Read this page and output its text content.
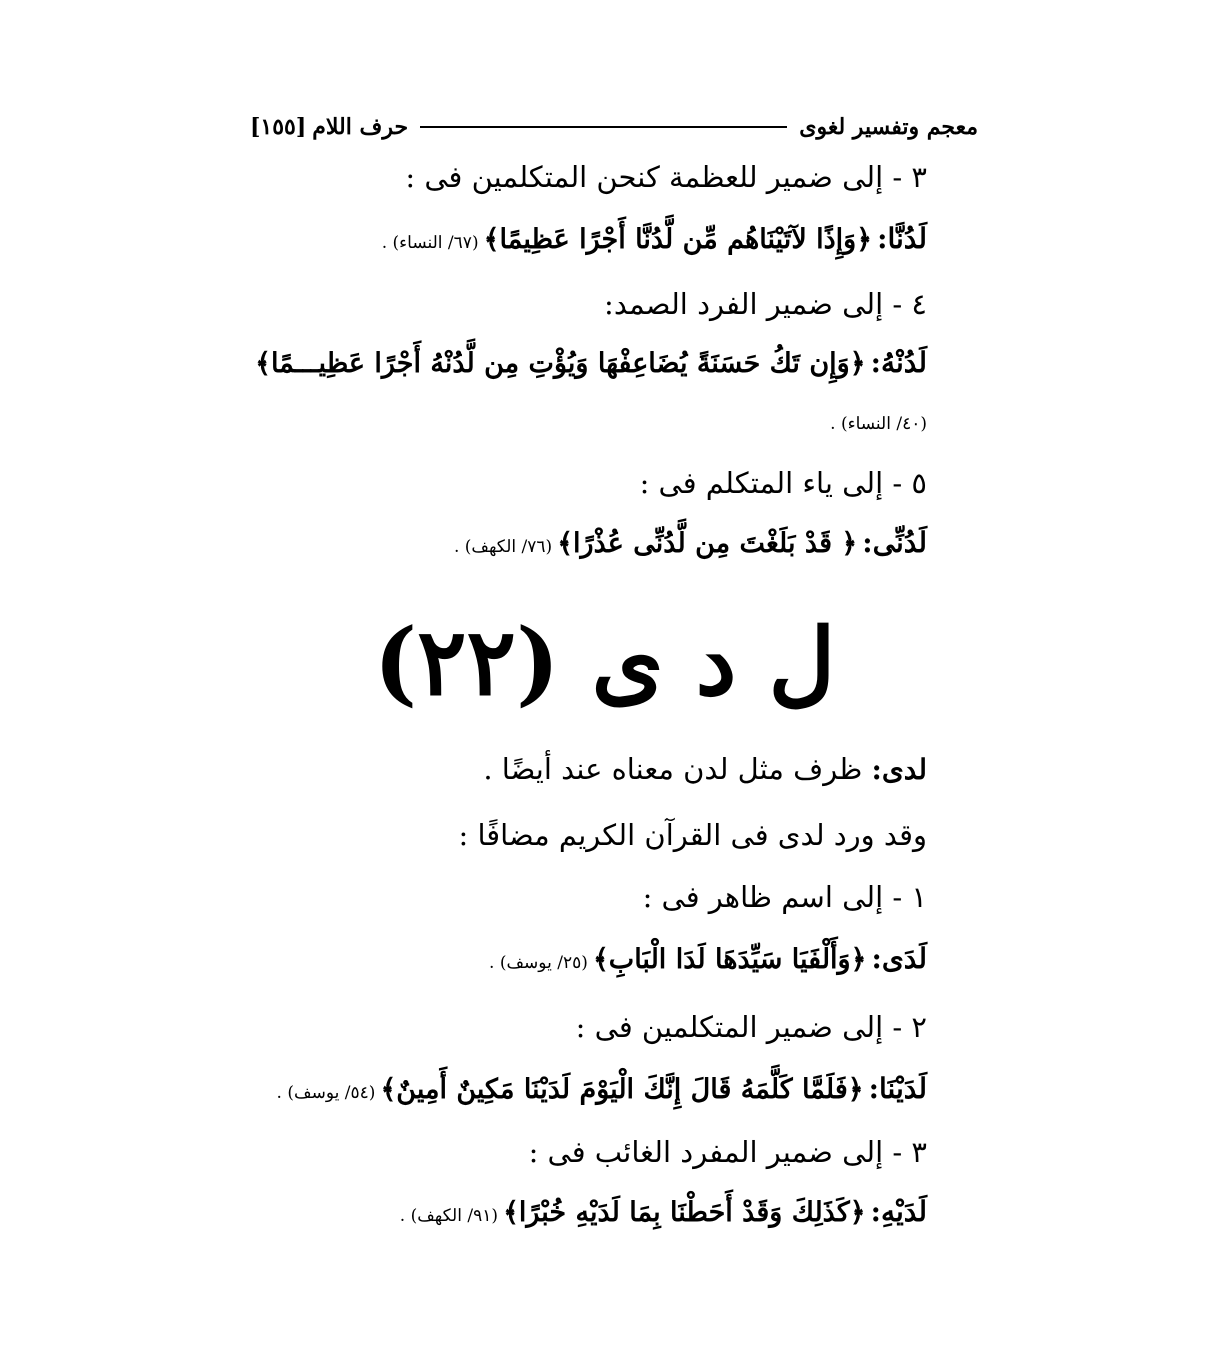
معجم وتفسير لغوى
حرف اللام
[١٥٥]
٣ - إلى ضمير للعظمة كنحن المتكلمين فى :
لَدُنَّا: ﴿وَإِذًا لآتَيْنَاهُم مِّن لَّدُنَّا أَجْرًا عَظِيمًا﴾ (٦٧/ النساء) .
٤ - إلى ضمير الفرد الصمد:
لَدُنْهُ: ﴿وَإِن تَكُ حَسَنَةً يُضَاعِفْهَا وَيُؤْتِ مِن لَّدُنْهُ أَجْرًا عَظِيـــمًا﴾
(٤٠/ النساء) .
٥ - إلى ياء المتكلم فى :
لَدُنِّى: ﴿ قَدْ بَلَغْتَ مِن لَّدُنِّى عُذْرًا﴾ (٧٦/ الكهف) .
ل د ى (٢٢)
لدى: ظرف مثل لدن معناه عند أيضًا .
وقد ورد لدى فى القرآن الكريم مضافًا :
١ - إلى اسم ظاهر فى :
لَدَى: ﴿وَأَلْفَيَا سَيِّدَهَا لَدَا الْبَابِ﴾ (٢٥/ يوسف) .
٢ - إلى ضمير المتكلمين فى :
لَدَيْنَا: ﴿فَلَمَّا كَلَّمَهُ قَالَ إِنَّكَ الْيَوْمَ لَدَيْنَا مَكِينٌ أَمِينٌ﴾ (٥٤/ يوسف) .
٣ - إلى ضمير المفرد الغائب فى :
لَدَيْهِ: ﴿كَذَلِكَ وَقَدْ أَحَطْنَا بِمَا لَدَيْهِ خُبْرًا﴾ (٩١/ الكهف) .
